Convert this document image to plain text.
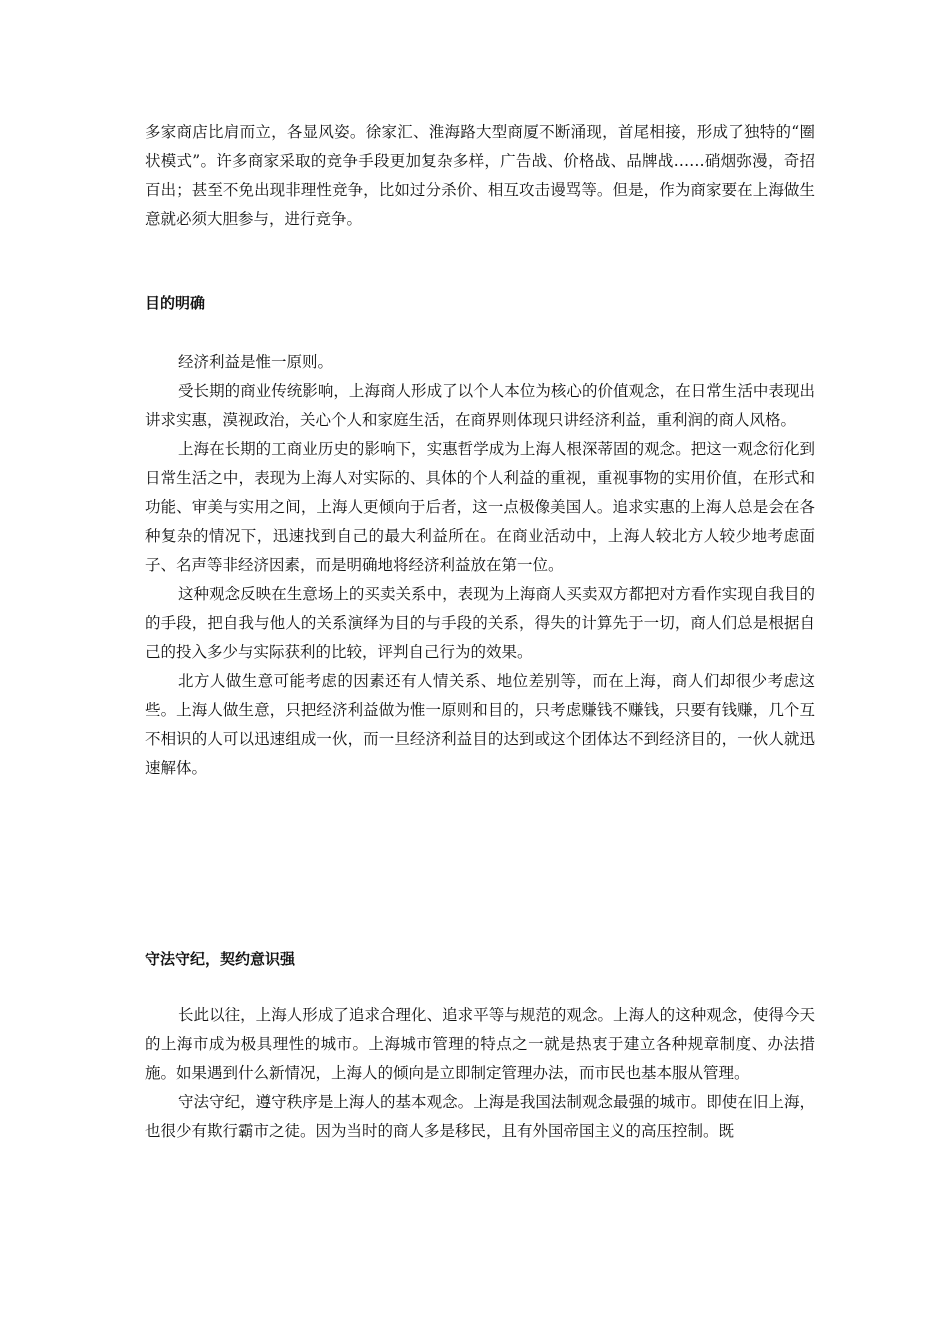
多家商店比肩而立，各显风姿。徐家汇、淮海路大型商厦不断涌现，首尾相接，形成了独特的“圈状模式”。许多商家采取的竞争手段更加复杂多样，广告战、价格战、品牌战……硝烟弥漫，奇招百出；甚至不免出现非理性竞争，比如过分杀价、相互攻击谩骂等。但是，作为商家要在上海做生意就必须大胆参与，进行竞争。

目的明确

经济利益是惟一原则。

受长期的商业传统影响，上海商人形成了以个人本位为核心的价值观念，在日常生活中表现出讲求实惠，漠视政治，关心个人和家庭生活，在商界则体现只讲经济利益，重利润的商人风格。

上海在长期的工商业历史的影响下，实惠哲学成为上海人根深蒂固的观念。把这一观念衍化到日常生活之中，表现为上海人对实际的、具体的个人利益的重视，重视事物的实用价值，在形式和功能、审美与实用之间，上海人更倾向于后者，这一点极像美国人。追求实惠的上海人总是会在各种复杂的情况下，迅速找到自己的最大利益所在。在商业活动中，上海人较北方人较少地考虑面子、名声等非经济因素，而是明确地将经济利益放在第一位。

这种观念反映在生意场上的买卖关系中，表现为上海商人买卖双方都把对方看作实现自我目的的手段，把自我与他人的关系演绎为目的与手段的关系，得失的计算先于一切，商人们总是根据自己的投入多少与实际获利的比较，评判自己行为的效果。

北方人做生意可能考虑的因素还有人情关系、地位差别等，而在上海，商人们却很少考虑这些。上海人做生意，只把经济利益做为惟一原则和目的，只考虑赚钱不赚钱，只要有钱赚，几个互不相识的人可以迅速组成一伙，而一旦经济利益目的达到或这个团体达不到经济目的，一伙人就迅速解体。

守法守纪，契约意识强

长此以往，上海人形成了追求合理化、追求平等与规范的观念。上海人的这种观念，使得今天的上海市成为极具理性的城市。上海城市管理的特点之一就是热衷于建立各种规章制度、办法措施。如果遇到什么新情况，上海人的倾向是立即制定管理办法，而市民也基本服从管理。

守法守纪，遵守秩序是上海人的基本观念。上海是我国法制观念最强的城市。即使在旧上海，也很少有欺行霸市之徒。因为当时的商人多是移民，且有外国帝国主义的高压控制。既
